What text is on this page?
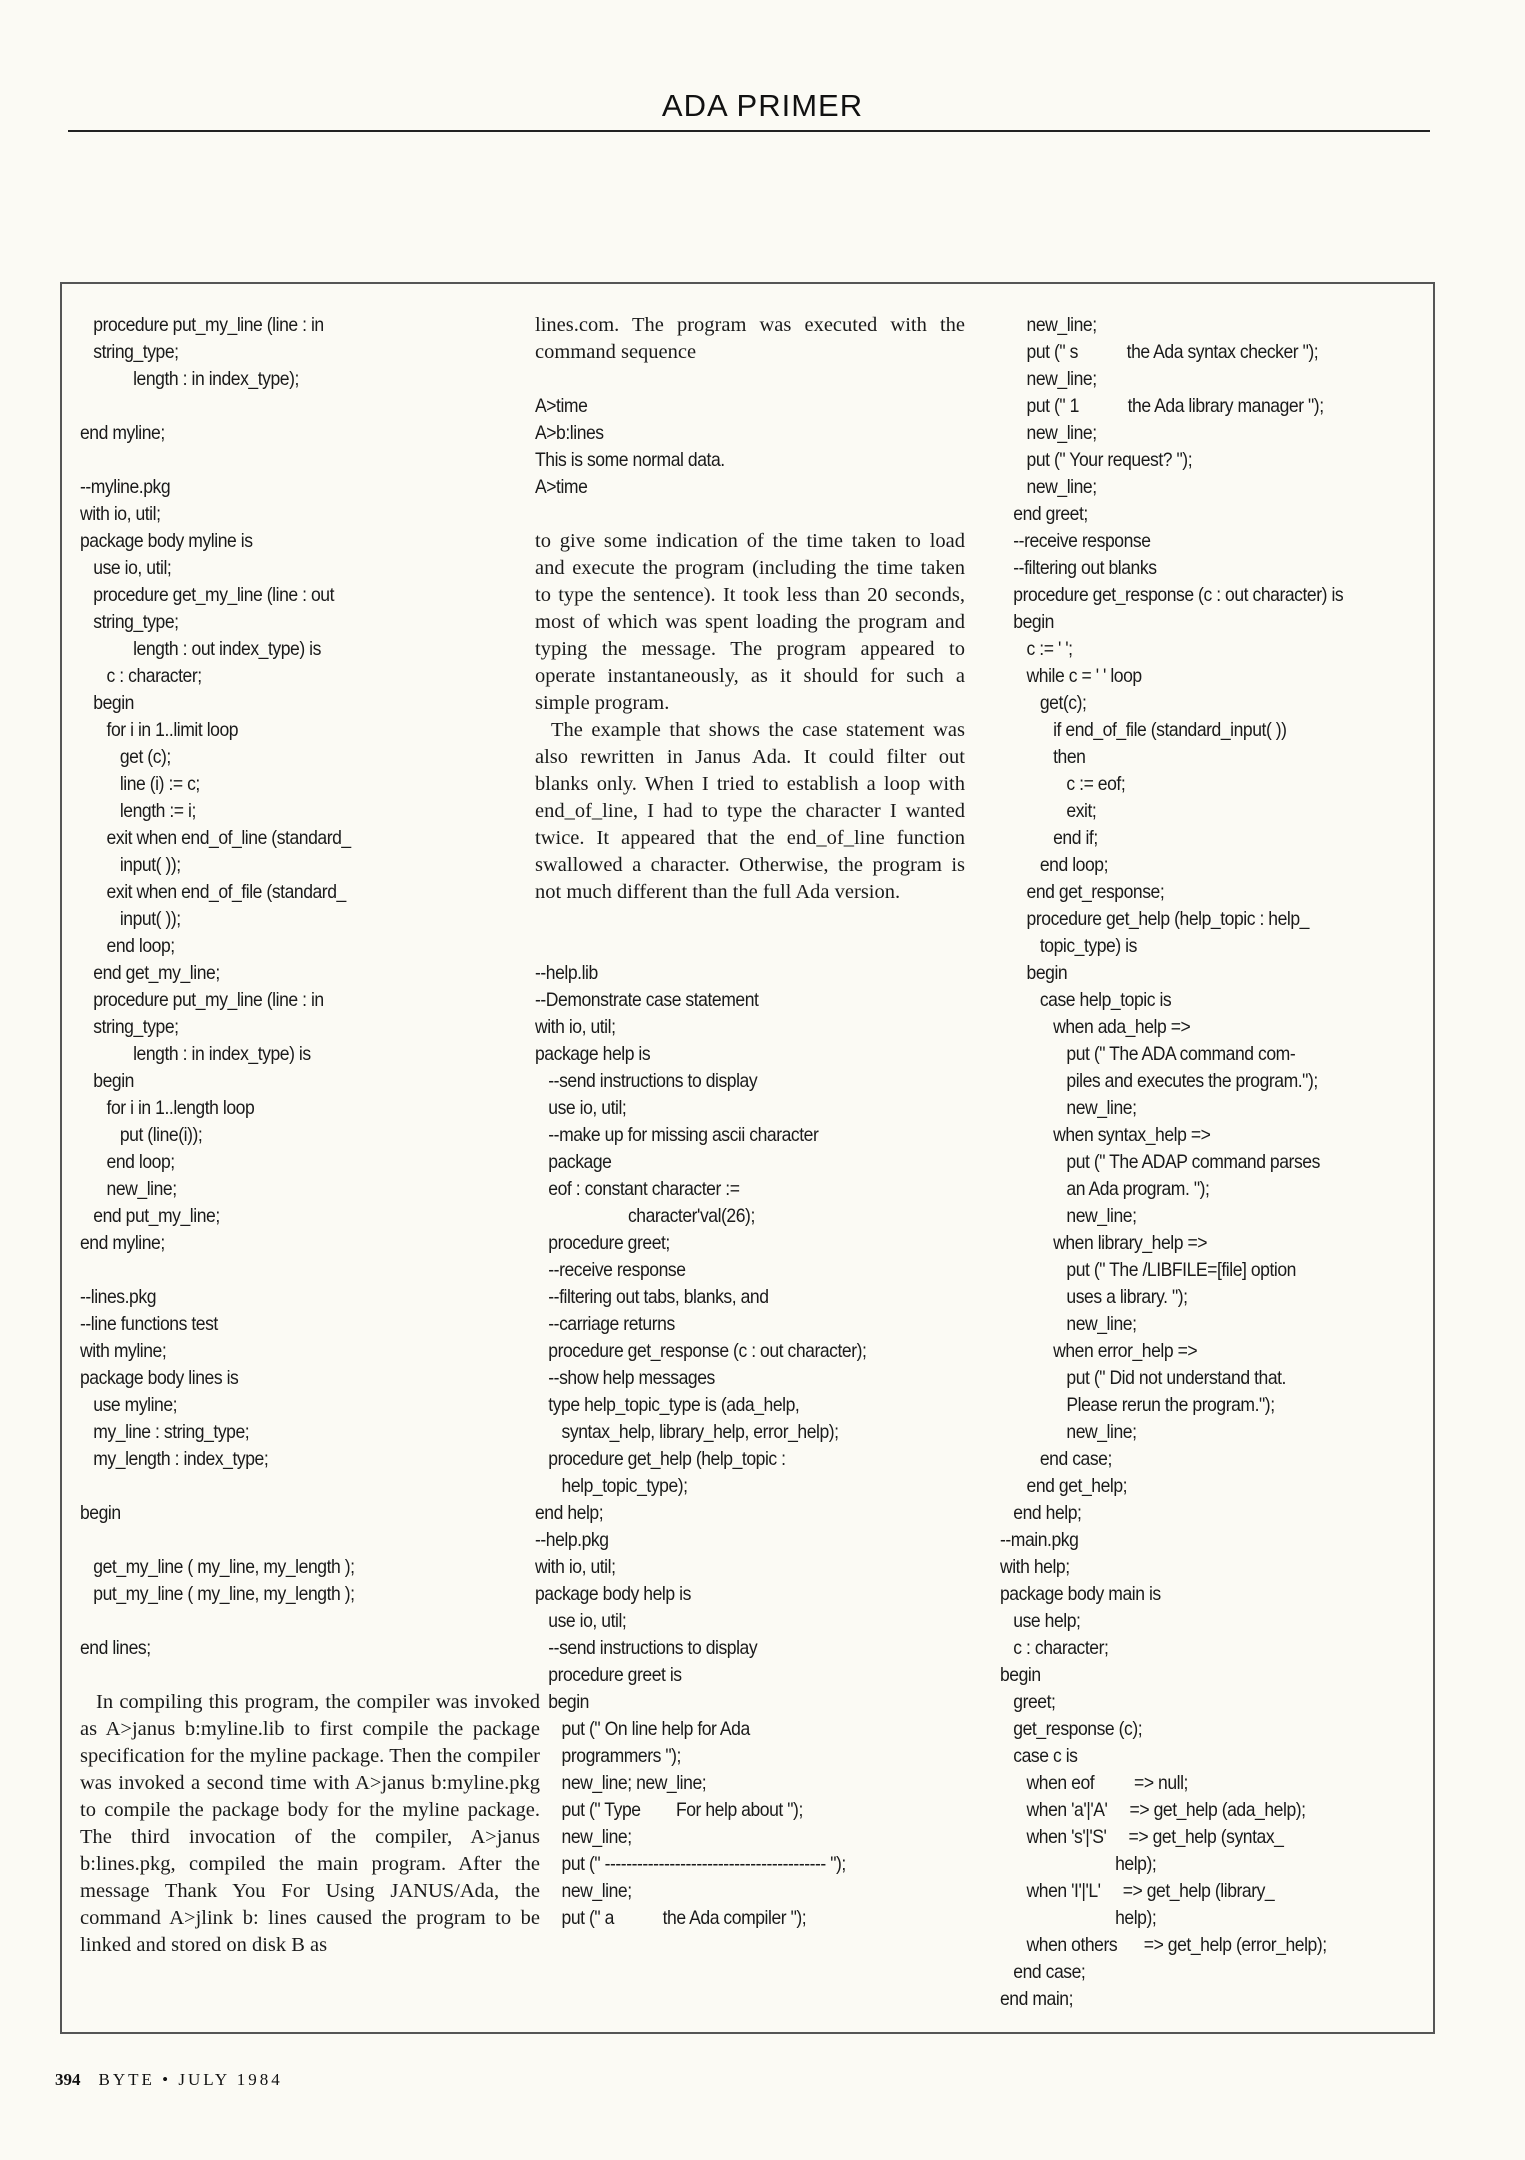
ADA PRIMER
procedure put_my_line (line : in
string_type;
length : in index_type);

end myline;

--myline.pkg
with io, util;
package body myline is
use io, util;
procedure get_my_line (line : out
string_type;
length : out index_type) is
c : character;
begin
for i in 1..limit loop
get (c);
line (i) := c;
length := i;
exit when end_of_line (standard_
input( ));
exit when end_of_file (standard_
input( ));
end loop;
end get_my_line;
procedure put_my_line (line : in
string_type;
length : in index_type) is
begin
for i in 1..length loop
put (line(i));
end loop;
new_line;
end put_my_line;
end myline;

--lines.pkg
--line functions test
with myline;
package body lines is
use myline;
my_line : string_type;
my_length : index_type;

begin

get_my_line ( my_line, my_length );
put_my_line ( my_line, my_length );

end lines;

In compiling this program, the compiler was invoked as A>janus b:myline.lib to first compile the package specification for the myline package. Then the compiler was invoked a second time with A>janus b:myline.pkg to compile the package body for the myline package. The third invocation of the compiler, A>janus b:lines.pkg, compiled the main program. After the message Thank You For Using JANUS/Ada, the command A>jlink b: lines caused the program to be linked and stored on disk B as

lines.com. The program was executed with the command sequence

A>time
A>b:lines
This is some normal data.
A>time

to give some indication of the time taken to load and execute the program (including the time taken to type the sentence). It took less than 20 seconds, most of which was spent loading the program and typing the message. The program appeared to operate instantaneously, as it should for such a simple program.

The example that shows the case statement was also rewritten in Janus Ada. It could filter out blanks only. When I tried to establish a loop with end_of_line, I had to type the character I wanted twice. It appeared that the end_of_line function swallowed a character. Otherwise, the program is not much different than the full Ada version.

--help.lib
--Demonstrate case statement
with io, util;
package help is
--send instructions to display
use io, util;
--make up for missing ascii character
package
eof : constant character :=
character'val(26);
procedure greet;
--receive response
--filtering out tabs, blanks, and
--carriage returns
procedure get_response (c : out character);
--show help messages
type help_topic_type is (ada_help,
syntax_help, library_help, error_help);
procedure get_help (help_topic :
help_topic_type);
end help;
--help.pkg
with io, util;
package body help is
use io, util;
--send instructions to display
procedure greet is
begin
put (" On line help for Ada
programmers ");
new_line; new_line;
put (" Type        For help about ");
new_line;
put (" ----------------------------------------- ");
new_line;
put (" a           the Ada compiler ");
new_line;
put (" s           the Ada syntax checker ");
new_line;
put (" 1           the Ada library manager ");
new_line;
put (" Your request? ");
new_line;
end greet;
--receive response
--filtering out blanks
procedure get_response (c : out character) is
begin
c := ' ';
while c = ' ' loop
get(c);
if end_of_file (standard_input( ))
then
c := eof;
exit;
end if;
end loop;
end get_response;
procedure get_help (help_topic : help_
topic_type) is
begin
case help_topic is
when ada_help =>
put (" The ADA command com-
piles and executes the program.");
new_line;
when syntax_help =>
put (" The ADAP command parses
an Ada program. ");
new_line;
when library_help =>
put (" The /LIBFILE=[file] option
uses a library. ");
new_line;
when error_help =>
put (" Did not understand that.
Please rerun the program.");
new_line;
end case;
end get_help;
end help;
--main.pkg
with help;
package body main is
use help;
c : character;
begin
greet;
get_response (c);
case c is
when eof         => null;
when 'a'|'A'     => get_help (ada_help);
when 's'|'S'     => get_help (syntax_
help);
when 'I'|'L'     => get_help (library_
help);
when others      => get_help (error_help);
end case;
end main;
394 BYTE • JULY 1984
